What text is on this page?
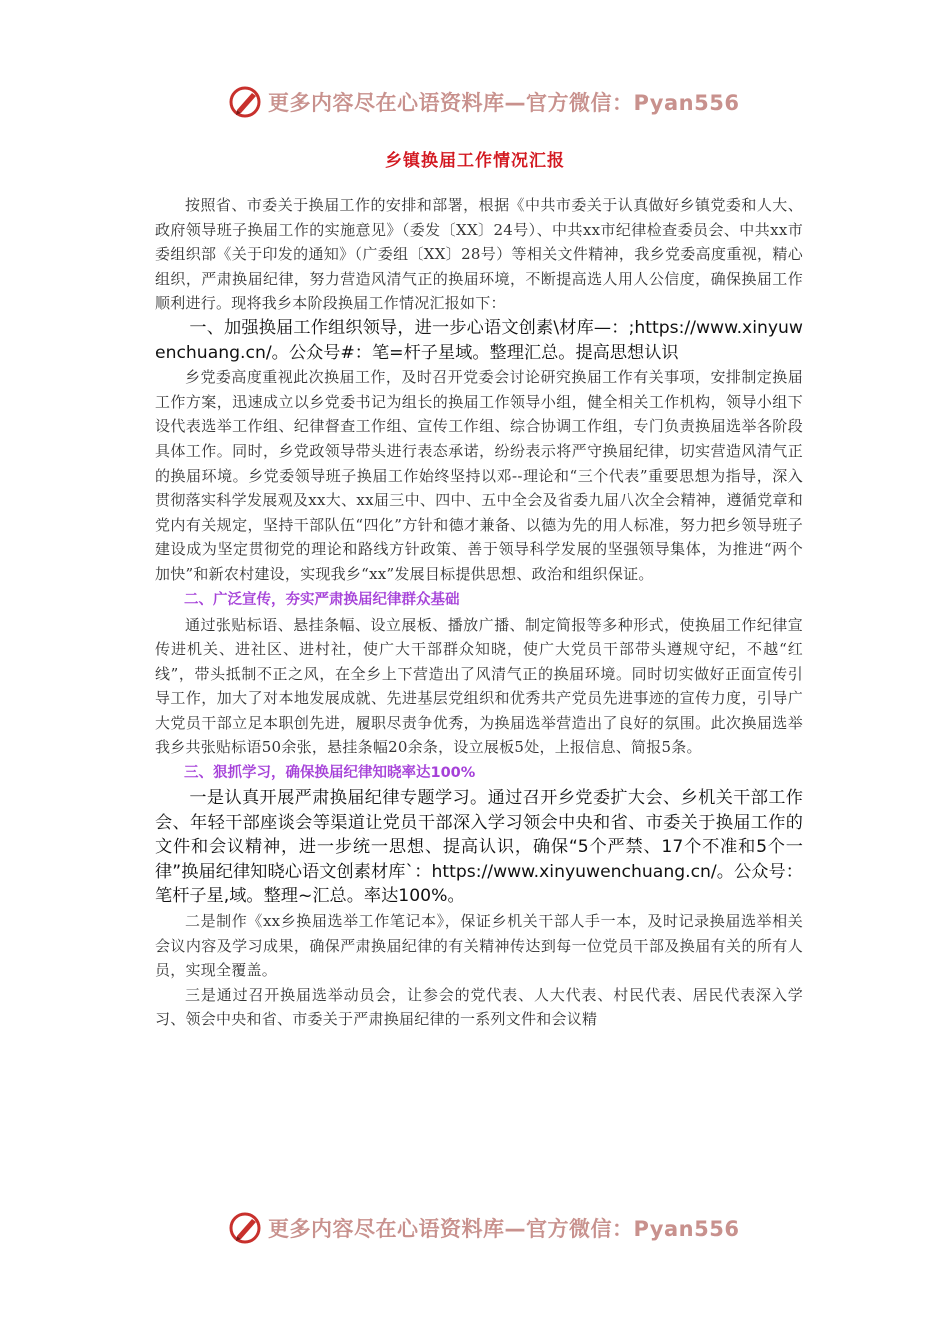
更多内容尽在心语资料库—官方微信：Pyan556
乡镇换届工作情况汇报

按照省、市委关于换届工作的安排和部署，根据《中共市委关于认真做好乡镇党委和人大、政府领导班子换届工作的实施意见》（委发〔XX〕24号）、中共xx市纪律检查委员会、中共xx市委组织部《关于印发的通知》（广委组〔XX〕28号）等相关文件精神，我乡党委高度重视，精心组织，严肃换届纪律，努力营造风清气正的换届环境，不断提高选人用人公信度，确保换届工作顺利进行。现将我乡本阶段换届工作情况汇报如下：

一、加强换届工作组织领导，进一步心语文创素\材库—：;https://www.xinyuwenchuang.cn/。公众号#：笔=杆子星域。整理汇总。提高思想认识

乡党委高度重视此次换届工作，及时召开党委会讨论研究换届工作有关事项，安排制定换届工作方案，迅速成立以乡党委书记为组长的换届工作领导小组，健全相关工作机构，领导小组下设代表选举工作组、纪律督查工作组、宣传工作组、综合协调工作组，专门负责换届选举各阶段具体工作。同时，乡党政领导带头进行表态承诺，纷纷表示将严守换届纪律，切实营造风清气正的换届环境。乡党委领导班子换届工作始终坚持以邓--理论和“三个代表”重要思想为指导，深入贯彻落实科学发展观及xx大、xx届三中、四中、五中全会及省委九届八次全会精神，遵循党章和党内有关规定，坚持干部队伍“四化”方针和德才兼备、以德为先的用人标准，努力把乡领导班子建设成为坚定贯彻党的理论和路线方针政策、善于领导科学发展的坚强领导集体，为推进“两个加快”和新农村建设，实现我乡“xx”发展目标提供思想、政治和组织保证。

二、广泛宣传，夯实严肃换届纪律群众基础

通过张贴标语、悬挂条幅、设立展板、播放广播、制定简报等多种形式，使换届工作纪律宣传进机关、进社区、进村社，使广大干部群众知晓，使广大党员干部带头遵规守纪，不越“红线”，带头抵制不正之风，在全乡上下营造出了风清气正的换届环境。同时切实做好正面宣传引导工作，加大了对本地发展成就、先进基层党组织和优秀共产党员先进事迹的宣传力度，引导广大党员干部立足本职创先进，履职尽责争优秀，为换届选举营造出了良好的氛围。此次换届选举我乡共张贴标语50余张，悬挂条幅20余条，设立展板5处，上报信息、简报5条。

三、狠抓学习，确保换届纪律知晓率达100%

一是认真开展严肃换届纪律专题学习。通过召开乡党委扩大会、乡机关干部工作会、年轻干部座谈会等渠道让党员干部深入学习领会中央和省、市委关于换届工作的文件和会议精神，进一步统一思想、提高认识，确保“5个严禁、17个不准和5个一律”换届纪律知晓心语文创素材库`：https://www.xinyuwenchuang.cn/。公众号：笔杆子星,域。整理~汇总。率达100%。

二是制作《xx乡换届选举工作笔记本》，保证乡机关干部人手一本，及时记录换届选举相关会议内容及学习成果，确保严肃换届纪律的有关精神传达到每一位党员干部及换届有关的所有人员，实现全覆盖。

三是通过召开换届选举动员会，让参会的党代表、人大代表、村民代表、居民代表深入学习、领会中央和省、市委关于严肃换届纪律的一系列文件和会议精

更多内容尽在心语资料库—官方微信：Pyan556
